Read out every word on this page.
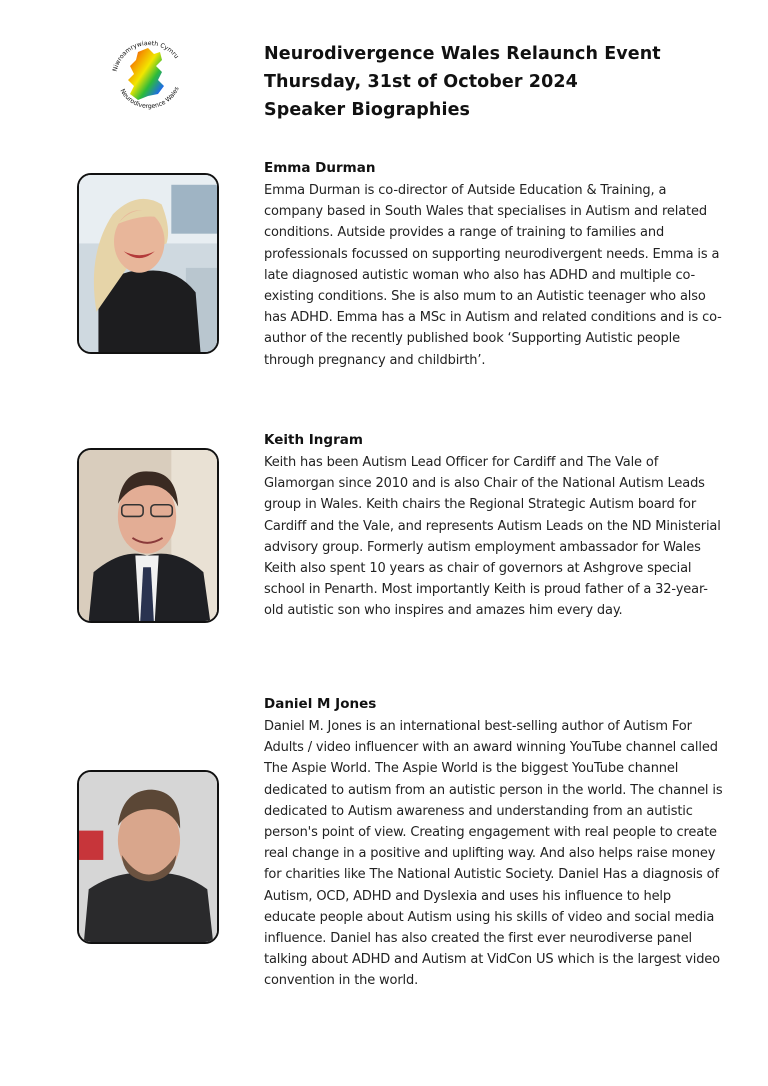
Niwroamrywiaeth Cymru
Neurodivergence Wales
Neurodivergence Wales Relaunch Event
Thursday, 31st of October 2024
Speaker Biographies
Emma Durman
Emma Durman is co-director of Autside Education & Training, a company based in South Wales that specialises in Autism and related conditions. Autside provides a range of training to families and professionals focussed on supporting neurodivergent needs. Emma is a late diagnosed autistic woman who also has ADHD and multiple co-existing conditions. She is also mum to an Autistic teenager who also has ADHD. Emma has a MSc in Autism and related conditions and is co-author of the recently published book ‘Supporting Autistic people through pregnancy and childbirth’.
Keith Ingram
Keith has been Autism Lead Officer for Cardiff and The Vale of Glamorgan since 2010 and is also Chair of the National Autism Leads group in Wales. Keith chairs the Regional Strategic Autism board for Cardiff and the Vale, and represents Autism Leads on the ND Ministerial advisory group. Formerly autism employment ambassador for Wales Keith also spent 10 years as chair of governors at Ashgrove special school in Penarth. Most importantly Keith is proud father of a 32-year-old autistic son who inspires and amazes him every day.
Daniel M Jones
Daniel M. Jones is an international best-selling author of Autism For Adults / video influencer with an award winning YouTube channel called The Aspie World. The Aspie World is the biggest YouTube channel dedicated to autism from an autistic person in the world. The channel is dedicated to Autism awareness and understanding from an autistic person's point of view. Creating engagement with real people to create real change in a positive and uplifting way. And also helps raise money for charities like The National Autistic Society. Daniel Has a diagnosis of Autism, OCD, ADHD and Dyslexia and uses his influence to help educate people about Autism using his skills of video and social media influence. Daniel has also created the first ever neurodiverse panel talking about ADHD and Autism at VidCon US which is the largest video convention in the world.
